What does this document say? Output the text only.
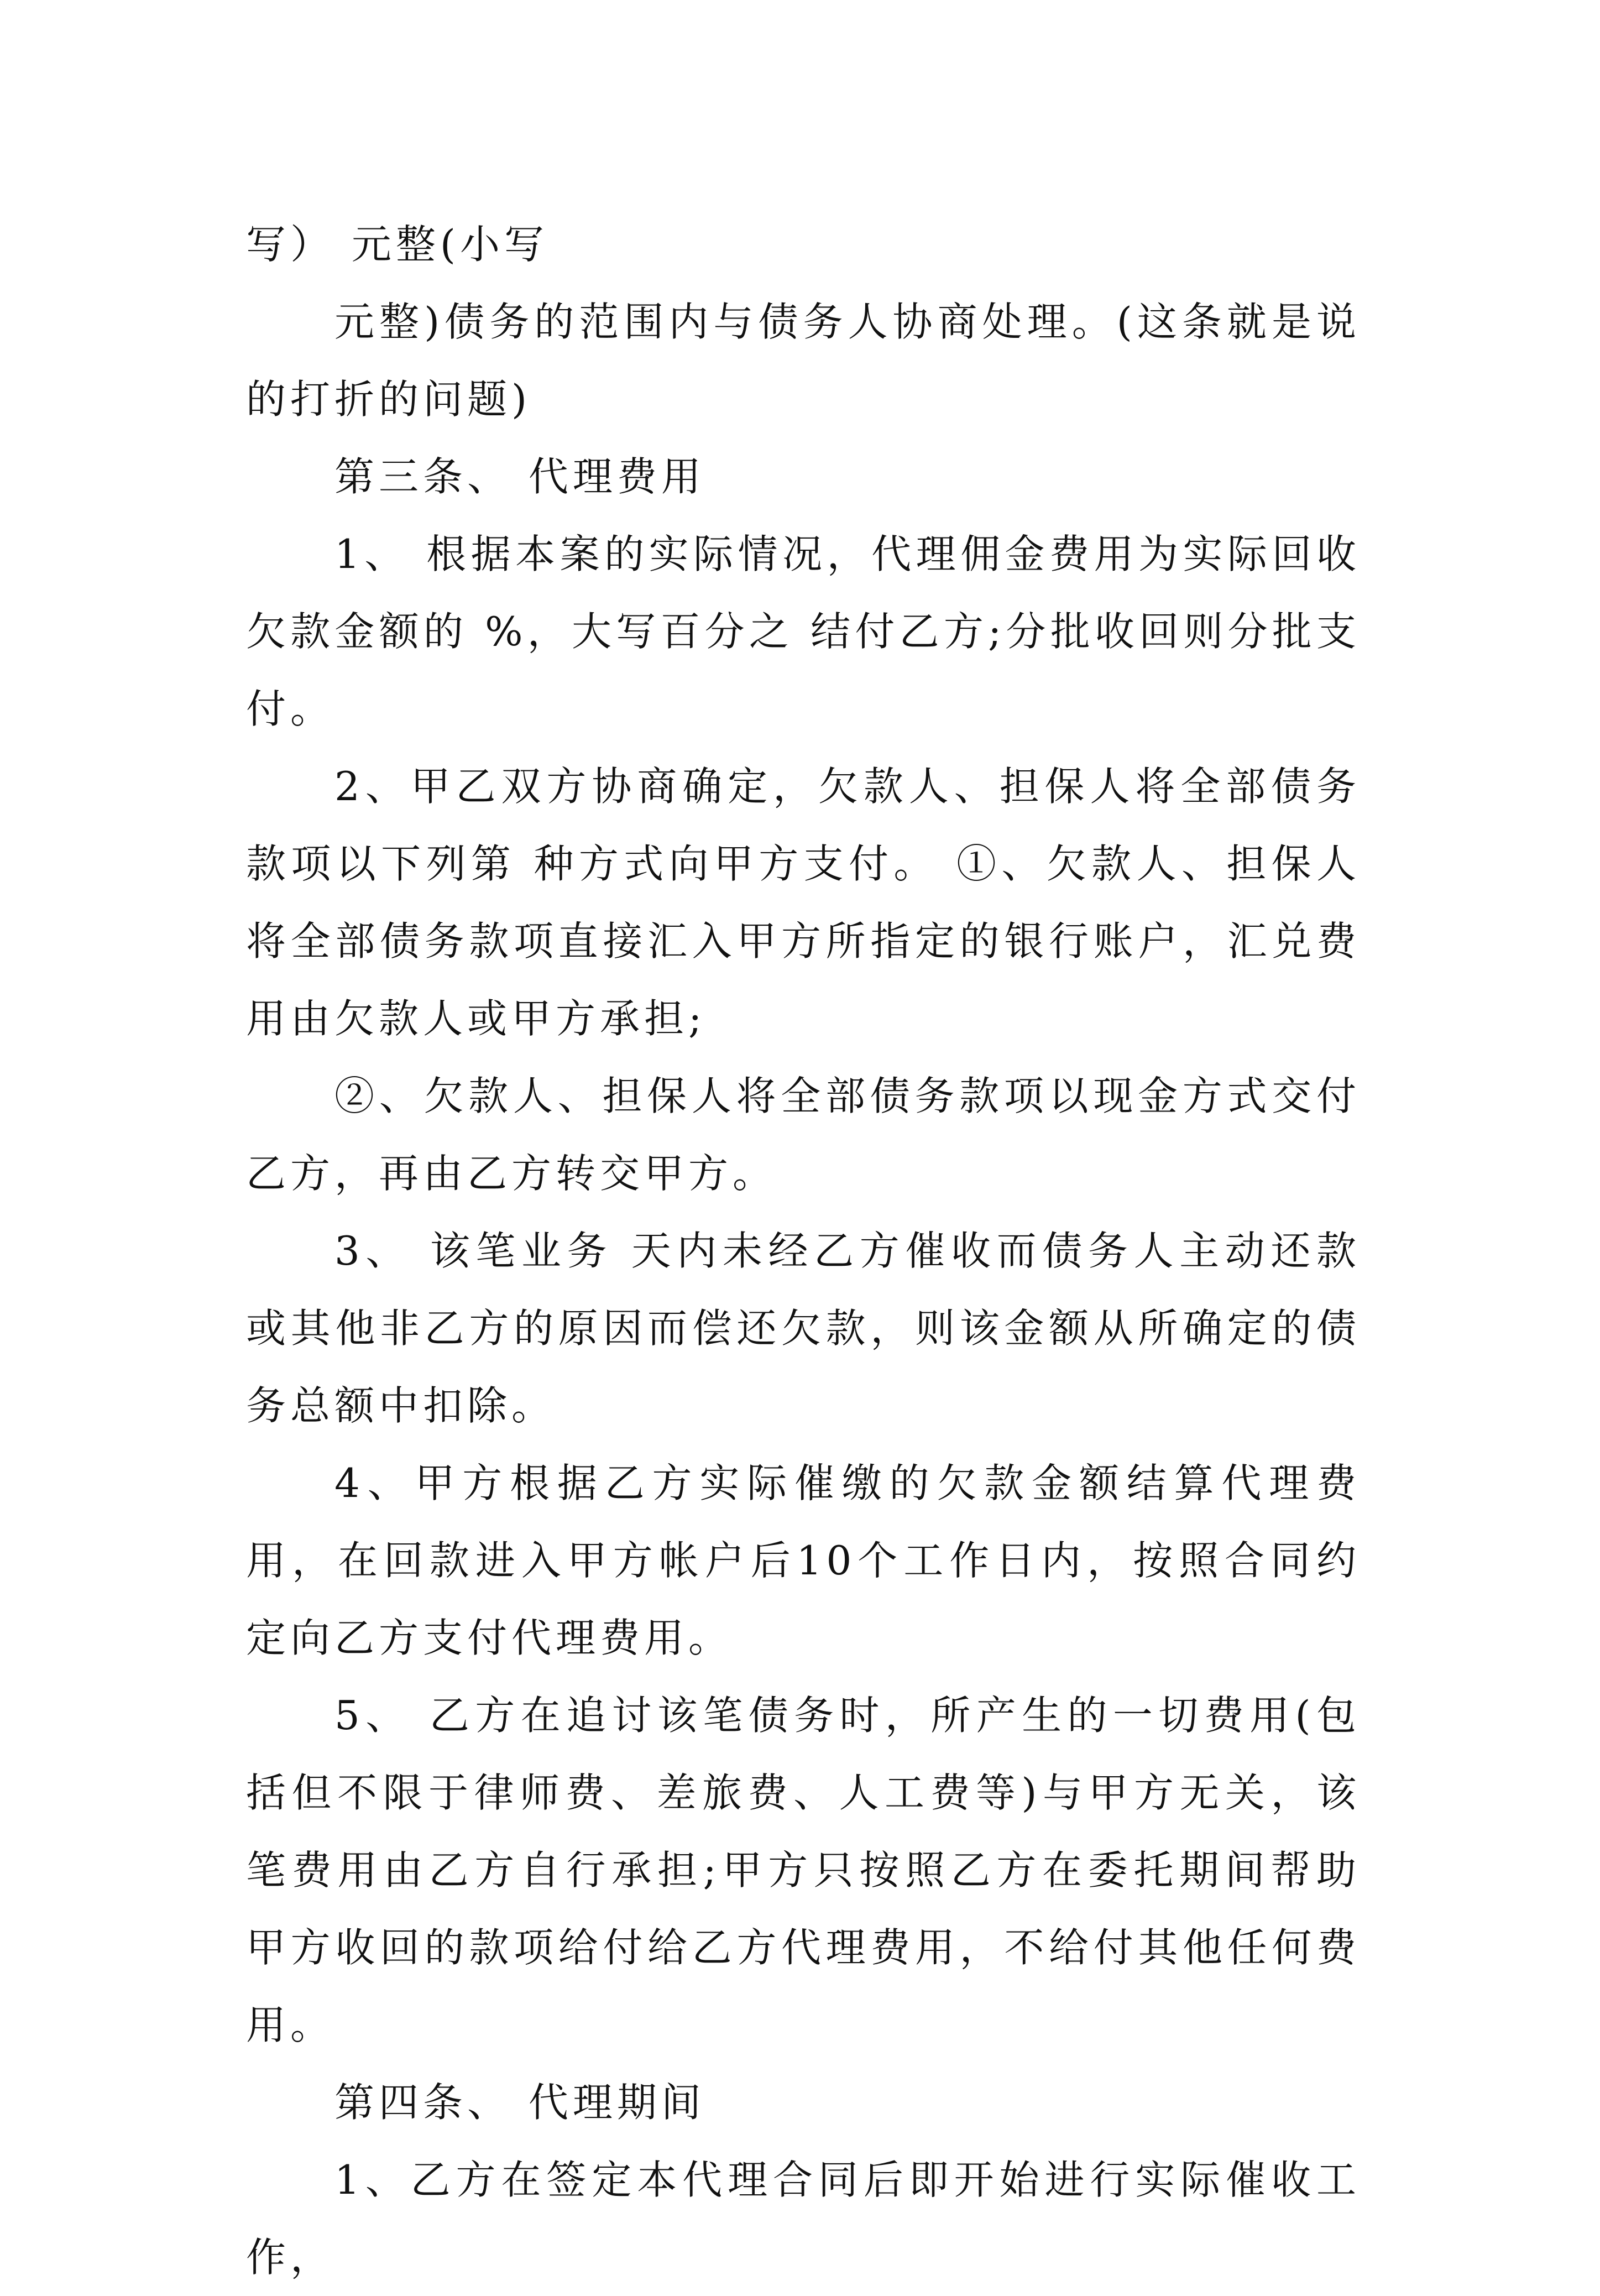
写） 元整(小写

元整)债务的范围内与债务人协商处理。(这条就是说的打折的问题)

第三条、 代理费用

1、 根据本案的实际情况，代理佣金费用为实际回收欠款金额的 %，大写百分之 结付乙方;分批收回则分批支付。

2、甲乙双方协商确定，欠款人、担保人将全部债务款项以下列第 种方式向甲方支付。 ①、欠款人、担保人将全部债务款项直接汇入甲方所指定的银行账户，汇兑费用由欠款人或甲方承担;

②、欠款人、担保人将全部债务款项以现金方式交付乙方，再由乙方转交甲方。

3、 该笔业务 天内未经乙方催收而债务人主动还款或其他非乙方的原因而偿还欠款，则该金额从所确定的债务总额中扣除。

4、甲方根据乙方实际催缴的欠款金额结算代理费用，在回款进入甲方帐户后10个工作日内，按照合同约定向乙方支付代理费用。

5、 乙方在追讨该笔债务时，所产生的一切费用(包括但不限于律师费、差旅费、人工费等)与甲方无关，该笔费用由乙方自行承担;甲方只按照乙方在委托期间帮助甲方收回的款项给付给乙方代理费用，不给付其他任何费用。

第四条、 代理期间

1、乙方在签定本代理合同后即开始进行实际催收工作，
